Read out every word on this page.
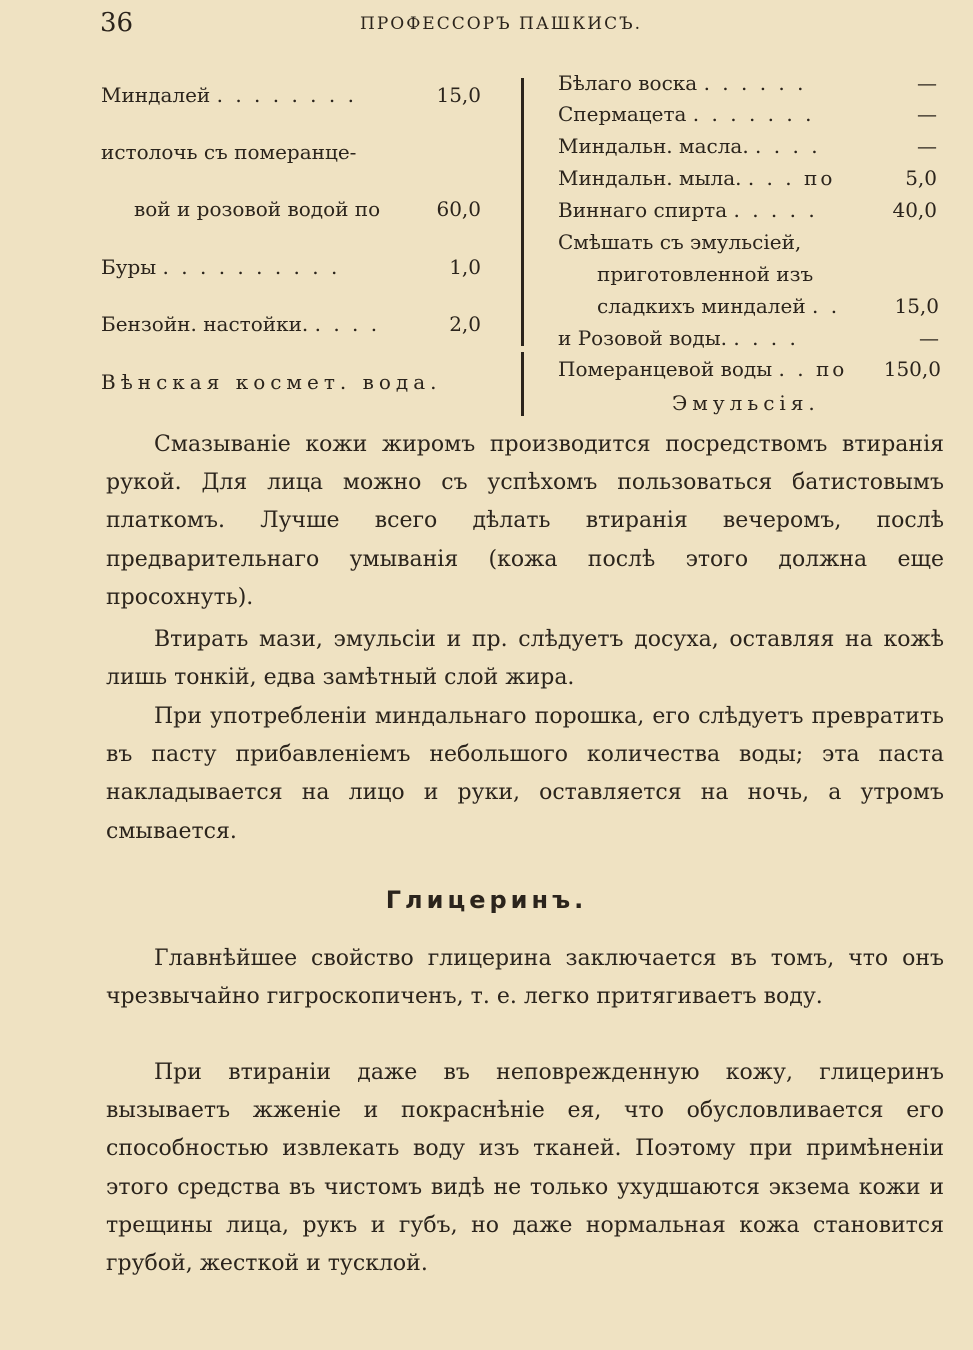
36	ПРОФЕССОРЪ ПАШКИСЪ.
Миндалей . . . . . . . .	15,0
истолочь съ померанце-
вой и розовой водой по	60,0
Буры . . . . . . . . . .	1,0
Бензойн. настойки. . . . .	2,0
Вѣнская космет. вода.
Бѣлаго воска . . . . . .	—
Спермацета . . . . . . .	—
Миндальн. масла. . . . .	—
Миндальн. мыла. . . . по	5,0
Виннаго спирта . . . . .	40,0
Смѣшать съ эмульсiей,
приготовленной изъ
сладкихъ миндалей . .	15,0
и Розовой воды. . . . .	—
Померанцевой воды . . по 150,0
Эмульсiя.

Смазыванiе кожи жиромъ производится посредствомъ втиранiя рукой. Для лица можно съ успѣхомъ пользоваться батистовымъ платкомъ. Лучше всего дѣлать втиранiя вечеромъ, послѣ предварительнаго умыванiя (кожа послѣ этого должна еще просохнуть).

Втирать мази, эмульсiи и пр. слѣдуетъ досуха, оставляя на кожѣ лишь тонкiй, едва замѣтный слой жира.

При употребленiи миндальнаго порошка, его слѣдуетъ превратить въ пасту прибавленiемъ небольшого количества воды; эта паста накладывается на лицо и руки, оставляется на ночь, а утромъ смывается.

Глицеринъ.

Главнѣйшее свойство глицерина заключается въ томъ, что онъ чрезвычайно гигроскопиченъ, т. е. легко притягиваетъ воду.

При втиранiи даже въ неповрежденную кожу, глицеринъ вызываетъ жженiе и покраснѣнiе ея, что обусловливается его способностью извлекать воду изъ тканей. Поэтому при примѣненiи этого средства въ чистомъ видѣ не только ухудшаются экзема кожи и трещины лица, рукъ и губъ, но даже нормальная кожа становится грубой, жесткой и тусклой.
